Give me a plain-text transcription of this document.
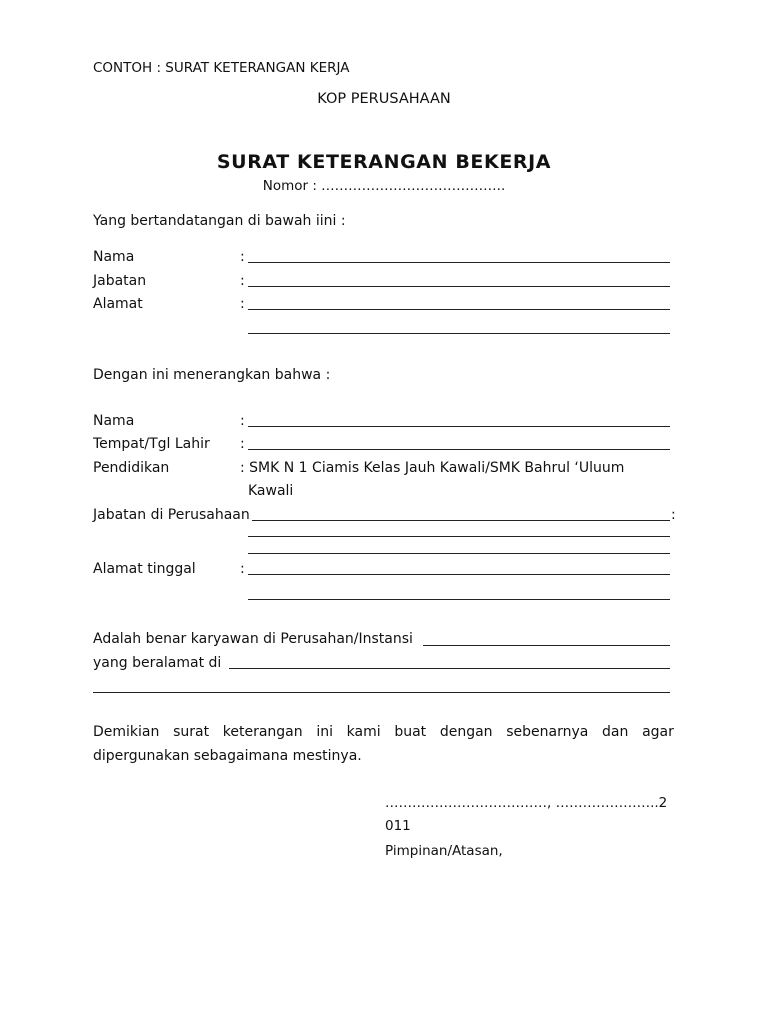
CONTOH : SURAT KETERANGAN KERJA
KOP PERUSAHAAN
SURAT KETERANGAN BEKERJA
Nomor : …………………………………..
Yang bertandatangan di bawah iini :
Nama	:
Jabatan	:
Alamat	:
Dengan ini menerangkan bahwa :
Nama	:
Tempat/Tgl Lahir :
Pendidikan	: SMK N 1 Ciamis Kelas Jauh Kawali/SMK Bahrul ‘Uluum
Kawali
Jabatan di Perusahaan	:
Alamat tinggal	:
Adalah benar karyawan di Perusahan/Instansi
yang beralamat di
Demikian surat keterangan ini kami buat dengan sebenarnya dan agar
dipergunakan sebagaimana mestinya.
………………………………, …………………..2
011
Pimpinan/Atasan,
